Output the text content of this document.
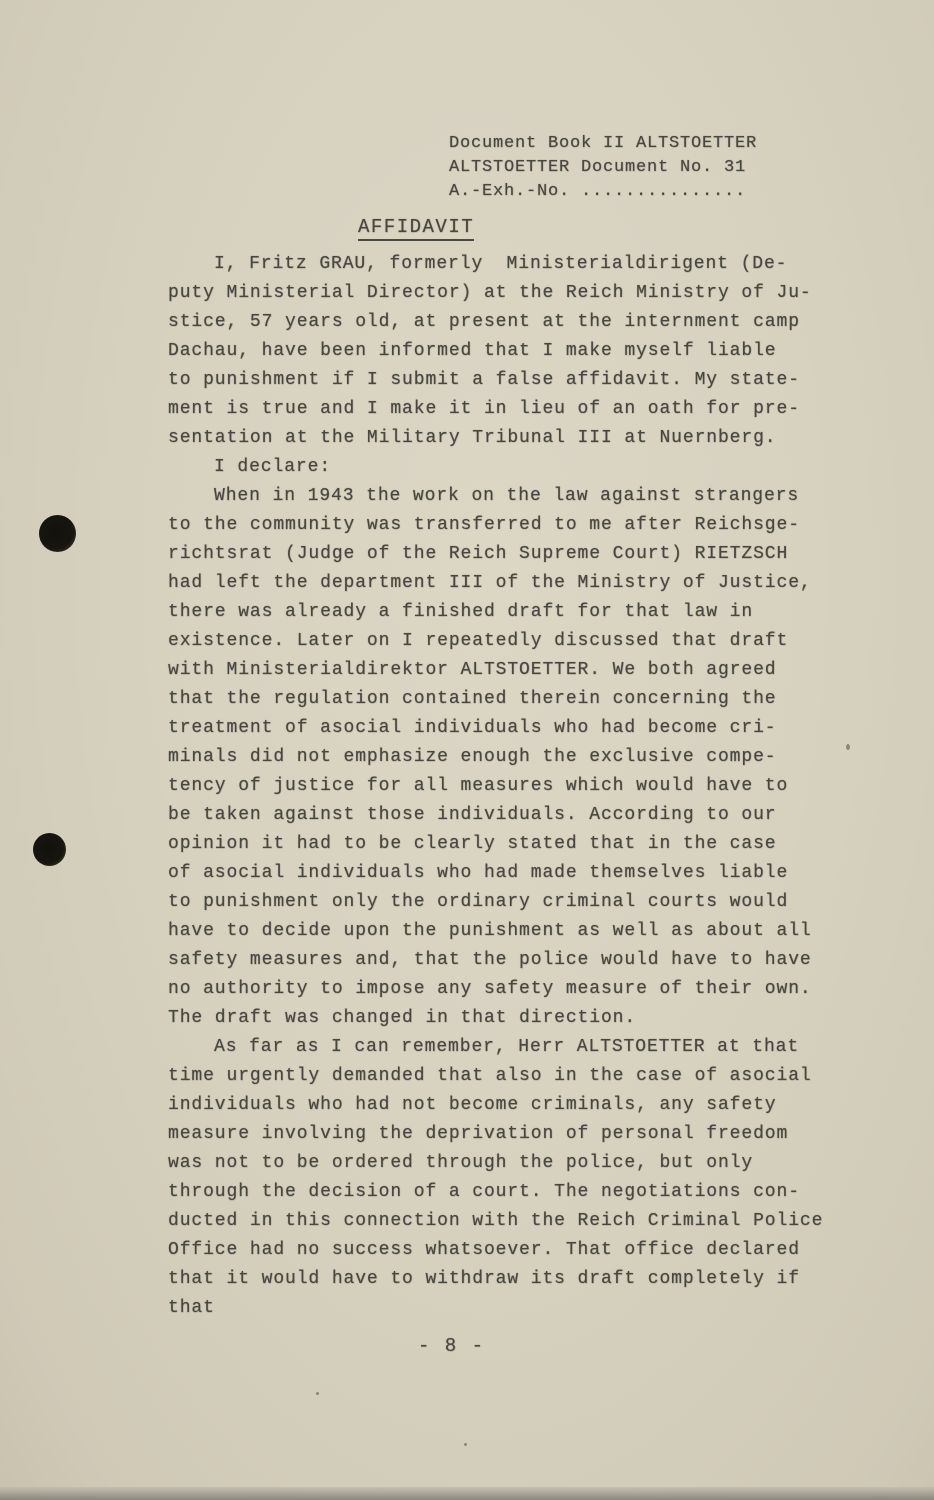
Document Book II ALTSTOETTER
ALTSTOETTER Document No. 31
A.-Exh.-No. ...............
AFFIDAVIT
I, Fritz GRAU, formerly  Ministerialdirigent (De-
puty Ministerial Director) at the Reich Ministry of Ju-
stice, 57 years old, at present at the internment camp
Dachau, have been informed that I make myself liable
to punishment if I submit a false affidavit. My state-
ment is true and I make it in lieu of an oath for pre-
sentation at the Military Tribunal III at Nuernberg.
I declare:
When in 1943 the work on the law against strangers
to the community was transferred to me after Reichsge-
richtsrat (Judge of the Reich Supreme Court) RIETZSCH
had left the department III of the Ministry of Justice,
there was already a finished draft for that law in
existence. Later on I repeatedly discussed that draft
with Ministerialdirektor ALTSTOETTER. We both agreed
that the regulation contained therein concerning the
treatment of asocial individuals who had become cri-
minals did not emphasize enough the exclusive compe-
tency of justice for all measures which would have to
be taken against those individuals. According to our
opinion it had to be clearly stated that in the case
of asocial individuals who had made themselves liable
to punishment only the ordinary criminal courts would
have to decide upon the punishment as well as about all
safety measures and, that the police would have to have
no authority to impose any safety measure of their own.
The draft was changed in that direction.
As far as I can remember, Herr ALTSTOETTER at that
time urgently demanded that also in the case of asocial
individuals who had not become criminals, any safety
measure involving the deprivation of personal freedom
was not to be ordered through the police, but only
through the decision of a court. The negotiations con-
ducted in this connection with the Reich Criminal Police
Office had no success whatsoever. That office declared
that it would have to withdraw its draft completely if
that
- 8 -
